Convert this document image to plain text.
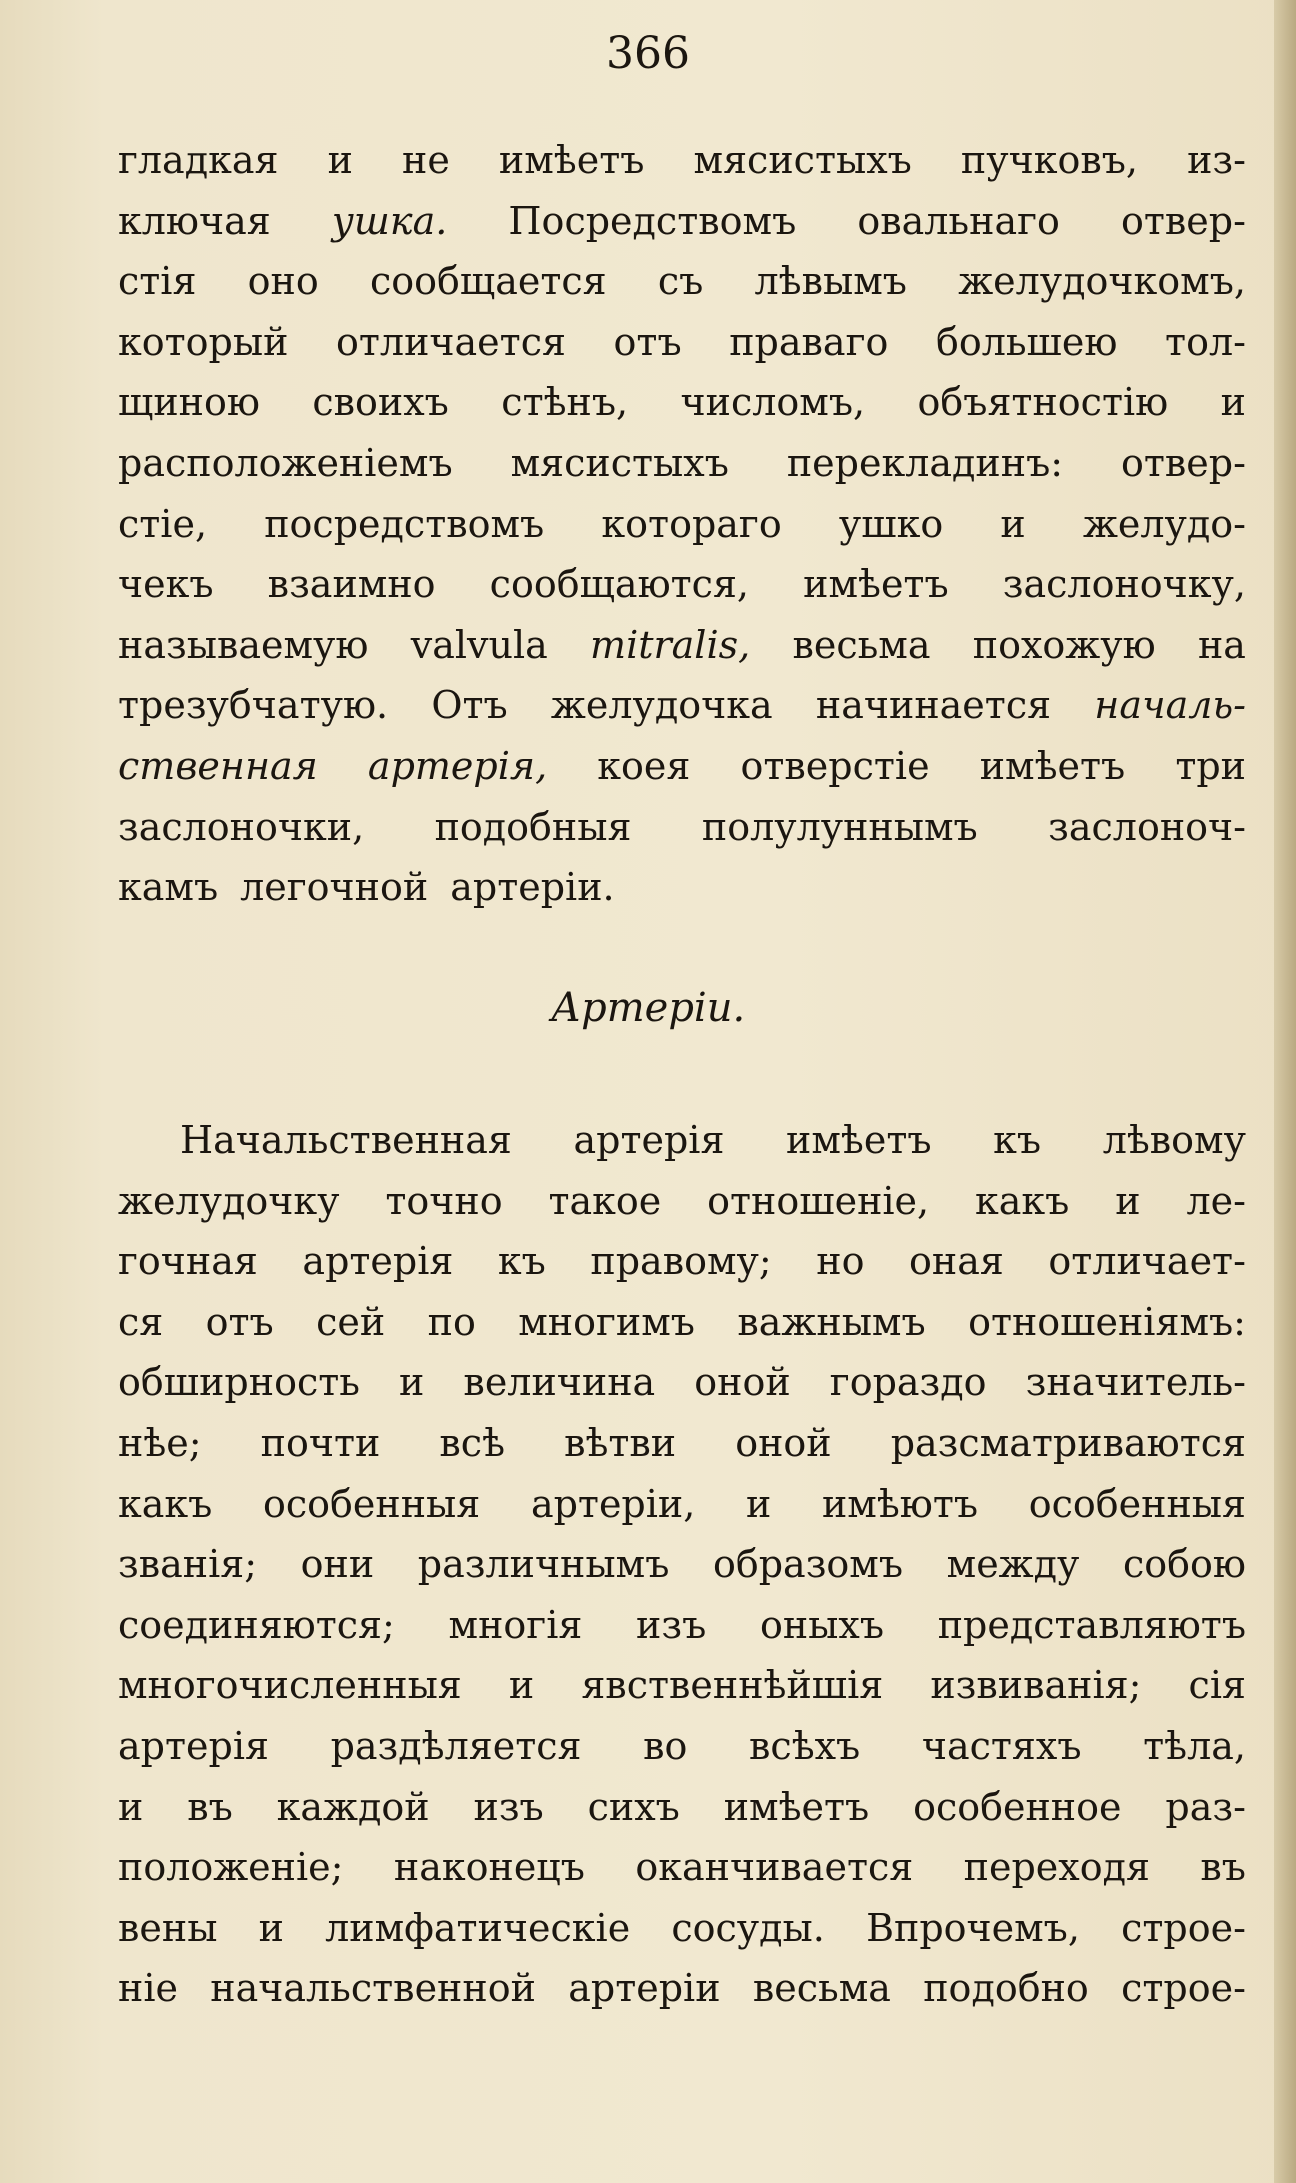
366
гладкая и не имѣетъ мясистыхъ пучковъ, из-
ключая ушка. Посредствомъ овальнаго отвер-
стія оно сообщается съ лѣвымъ желудочкомъ,
который отличается отъ праваго большею тол-
щиною своихъ стѣнъ, числомъ, объятностію и
расположеніемъ мясистыхъ перекладинъ: отвер-
стіе, посредствомъ котораго ушко и желудо-
чекъ взаимно сообщаются, имѣетъ заслоночку,
называемую valvula mitralis, весьма похожую на
трезубчатую. Отъ желудочка начинается началь-
ственная артерія, коея отверстіе имѣетъ три
заслоночки, подобныя полулуннымъ заслоноч-
камъ легочной артеріи.
Артеріи.
Начальственная артерія имѣетъ къ лѣвому
желудочку точно такое отношеніе, какъ и ле-
гочная артерія къ правому; но оная отличает-
ся отъ сей по многимъ важнымъ отношеніямъ:
обширность и величина оной гораздо значитель-
нѣе; почти всѣ вѣтви оной разсматриваются
какъ особенныя артеріи, и имѣютъ особенныя
званія; они различнымъ образомъ между собою
соединяются; многія изъ оныхъ представляютъ
многочисленныя и явственнѣйшія извиванія; сія
артерія раздѣляется во всѣхъ частяхъ тѣла,
и въ каждой изъ сихъ имѣетъ особенное раз-
положеніе; наконецъ оканчивается переходя въ
вены и лимфатическіе сосуды. Впрочемъ, строе-
ніе начальственной артеріи весьма подобно строе-
